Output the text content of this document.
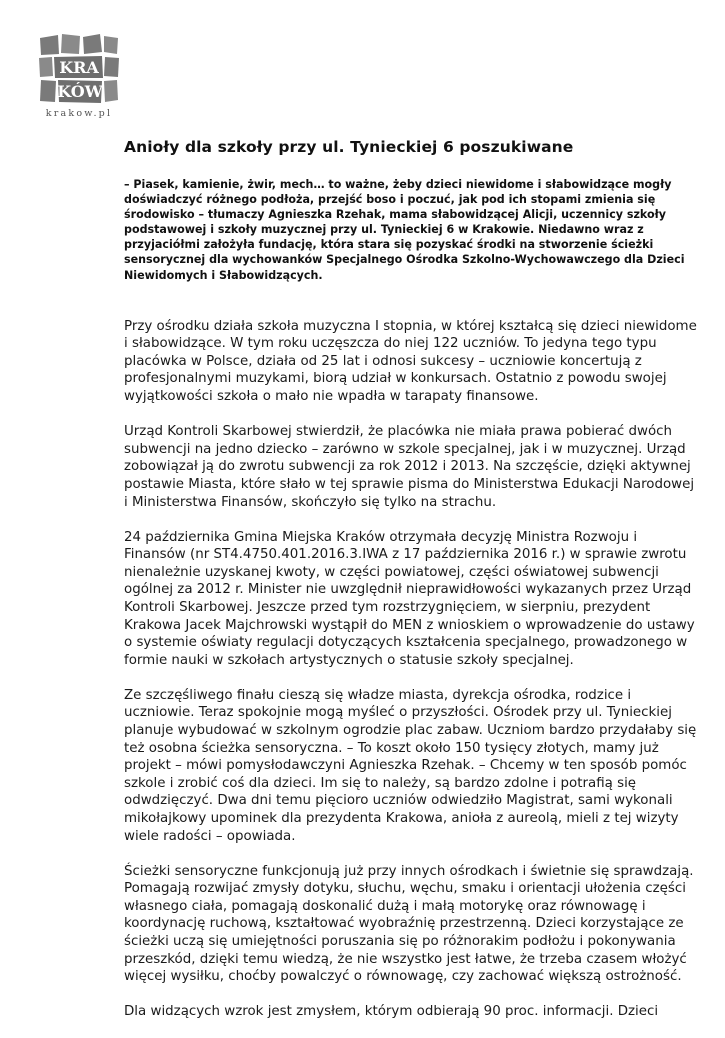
KRA
KÓW
krakow.pl
Anioły dla szkoły przy ul. Tynieckiej 6 poszukiwane

– Piasek, kamienie, żwir, mech… to ważne, żeby dzieci niewidome i słabowidzące mogły doświadczyć różnego podłoża, przejść boso i poczuć, jak pod ich stopami zmienia się środowisko – tłumaczy Agnieszka Rzehak, mama słabowidzącej Alicji, uczennicy szkoły podstawowej i szkoły muzycznej przy ul. Tynieckiej 6 w Krakowie. Niedawno wraz z przyjaciółmi założyła fundację, która stara się pozyskać środki na stworzenie ścieżki sensorycznej dla wychowanków Specjalnego Ośrodka Szkolno-Wychowawczego dla Dzieci Niewidomych i Słabowidzących.

Przy ośrodku działa szkoła muzyczna I stopnia, w której kształcą się dzieci niewidome i słabowidzące. W tym roku uczęszcza do niej 122 uczniów. To jedyna tego typu placówka w Polsce, działa od 25 lat i odnosi sukcesy – uczniowie koncertują z profesjonalnymi muzykami, biorą udział w konkursach. Ostatnio z powodu swojej wyjątkowości szkoła o mało nie wpadła w tarapaty finansowe.

Urząd Kontroli Skarbowej stwierdził, że placówka nie miała prawa pobierać dwóch subwencji na jedno dziecko – zarówno w szkole specjalnej, jak i w muzycznej. Urząd zobowiązał ją do zwrotu subwencji za rok 2012 i 2013. Na szczęście, dzięki aktywnej postawie Miasta, które słało w tej sprawie pisma do Ministerstwa Edukacji Narodowej i Ministerstwa Finansów, skończyło się tylko na strachu.

24 października Gmina Miejska Kraków otrzymała decyzję Ministra Rozwoju i Finansów (nr ST4.4750.401.2016.3.IWA z 17 października 2016 r.) w sprawie zwrotu nienależnie uzyskanej kwoty, w części powiatowej, części oświatowej subwencji ogólnej za 2012 r. Minister nie uwzględnił nieprawidłowości wykazanych przez Urząd Kontroli Skarbowej. Jeszcze przed tym rozstrzygnięciem, w sierpniu, prezydent Krakowa Jacek Majchrowski wystąpił do MEN z wnioskiem o wprowadzenie do ustawy o systemie oświaty regulacji dotyczących kształcenia specjalnego, prowadzonego w formie nauki w szkołach artystycznych o statusie szkoły specjalnej.

Ze szczęśliwego finału cieszą się władze miasta, dyrekcja ośrodka, rodzice i uczniowie. Teraz spokojnie mogą myśleć o przyszłości. Ośrodek przy ul. Tynieckiej planuje wybudować w szkolnym ogrodzie plac zabaw. Uczniom bardzo przydałaby się też osobna ścieżka sensoryczna. – To koszt około 150 tysięcy złotych, mamy już projekt – mówi pomysłodawczyni Agnieszka Rzehak. – Chcemy w ten sposób pomóc szkole i zrobić coś dla dzieci. Im się to należy, są bardzo zdolne i potrafią się odwdzięczyć. Dwa dni temu pięcioro uczniów odwiedziło Magistrat, sami wykonali mikołajkowy upominek dla prezydenta Krakowa, anioła z aureolą, mieli z tej wizyty wiele radości – opowiada.

Ścieżki sensoryczne funkcjonują już przy innych ośrodkach i świetnie się sprawdzają. Pomagają rozwijać zmysły dotyku, słuchu, węchu, smaku i orientacji ułożenia części własnego ciała, pomagają doskonalić dużą i małą motorykę oraz równowagę i koordynację ruchową, kształtować wyobraźnię przestrzenną. Dzieci korzystające ze ścieżki uczą się umiejętności poruszania się po różnorakim podłożu i pokonywania przeszkód, dzięki temu wiedzą, że nie wszystko jest łatwe, że trzeba czasem włożyć więcej wysiłku, choćby powalczyć o równowagę, czy zachować większą ostrożność.

Dla widzących wzrok jest zmysłem, którym odbierają 90 proc. informacji. Dzieci
